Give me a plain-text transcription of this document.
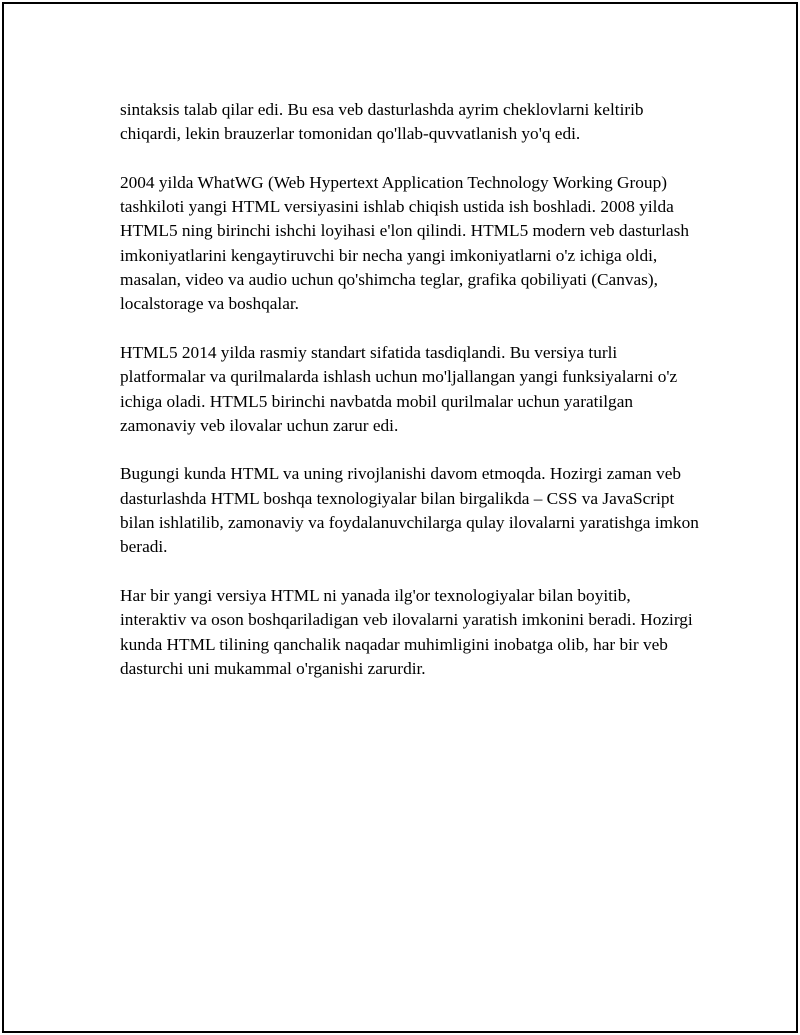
sintaksis talab qilar edi. Bu esa veb dasturlashda ayrim cheklovlarni keltirib chiqardi, lekin brauzerlar tomonidan qo'llab-quvvatlanish yo'q edi.

2004 yilda WhatWG (Web Hypertext Application Technology Working Group) tashkiloti yangi HTML versiyasini ishlab chiqish ustida ish boshladi. 2008 yilda HTML5 ning birinchi ishchi loyihasi e'lon qilindi. HTML5 modern veb dasturlash imkoniyatlarini kengaytiruvchi bir necha yangi imkoniyatlarni o'z ichiga oldi, masalan, video va audio uchun qo'shimcha teglar, grafika qobiliyati (Canvas), localstorage va boshqalar.

HTML5 2014 yilda rasmiy standart sifatida tasdiqlandi. Bu versiya turli platformalar va qurilmalarda ishlash uchun mo'ljallangan yangi funksiyalarni o'z ichiga oladi. HTML5 birinchi navbatda mobil qurilmalar uchun yaratilgan zamonaviy veb ilovalar uchun zarur edi.

Bugungi kunda HTML va uning rivojlanishi davom etmoqda. Hozirgi zaman veb dasturlashda HTML boshqa texnologiyalar bilan birgalikda – CSS va JavaScript bilan ishlatilib, zamonaviy va foydalanuvchilarga qulay ilovalarni yaratishga imkon beradi.

Har bir yangi versiya HTML ni yanada ilg'or texnologiyalar bilan boyitib, interaktiv va oson boshqariladigan veb ilovalarni yaratish imkonini beradi. Hozirgi kunda HTML tilining qanchalik naqadar muhimligini inobatga olib, har bir veb dasturchi uni mukammal o'rganishi zarurdir.
